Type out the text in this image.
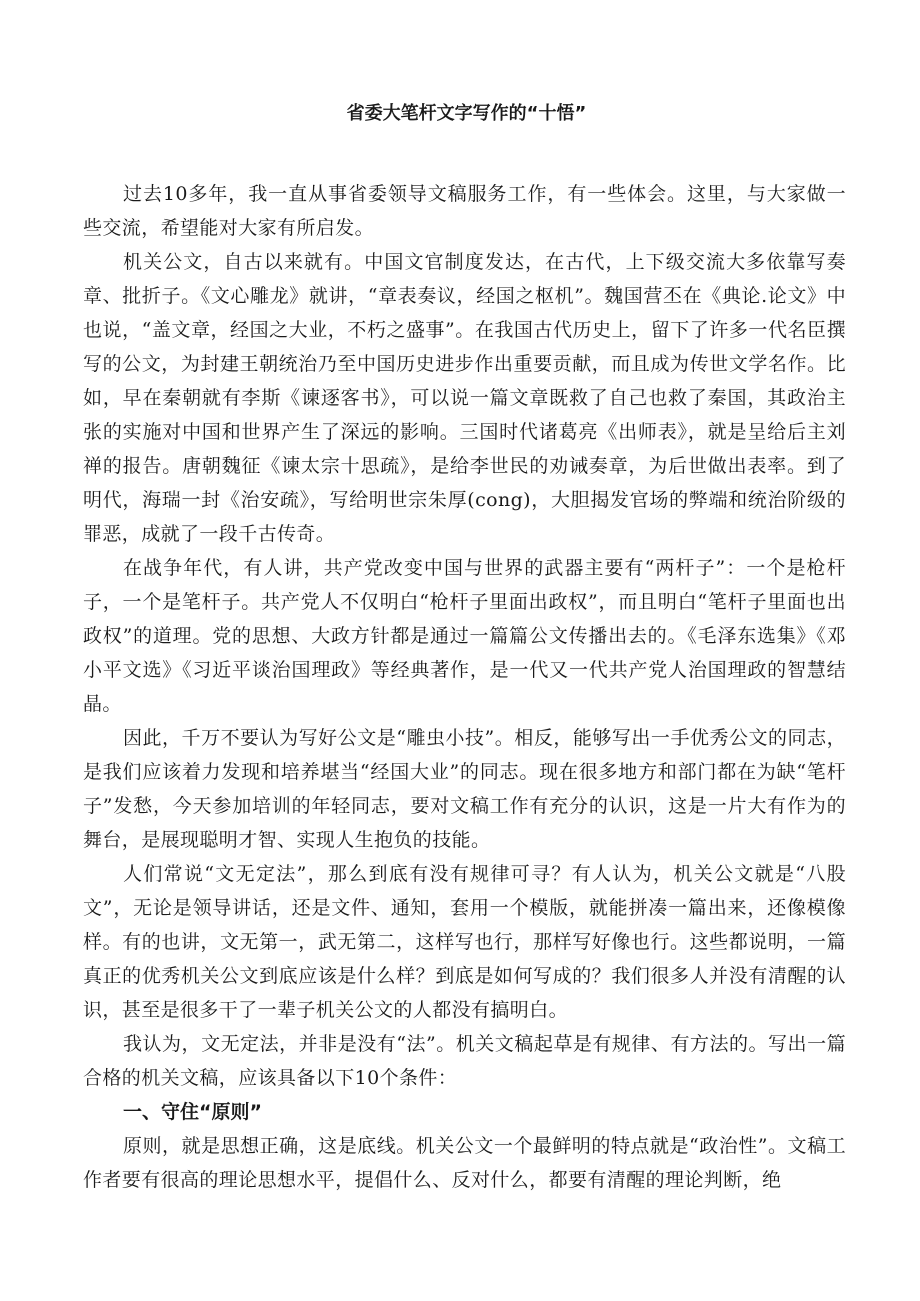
省委大笔杆文字写作的“十悟”

过去10多年，我一直从事省委领导文稿服务工作，有一些体会。这里，与大家做一些交流，希望能对大家有所启发。

机关公文，自古以来就有。中国文官制度发达，在古代，上下级交流大多依靠写奏章、批折子。《文心雕龙》就讲，“章表奏议，经国之枢机”。魏国营丕在《典论.论文》中也说，“盖文章，经国之大业，不朽之盛事”。在我国古代历史上，留下了许多一代名臣撰写的公文，为封建王朝统治乃至中国历史进步作出重要贡献，而且成为传世文学名作。比如，早在秦朝就有李斯《谏逐客书》，可以说一篇文章既救了自己也救了秦国，其政治主张的实施对中国和世界产生了深远的影响。三国时代诸葛亮《出师表》，就是呈给后主刘禅的报告。唐朝魏征《谏太宗十思疏》，是给李世民的劝诫奏章，为后世做出表率。到了明代，海瑞一封《治安疏》，写给明世宗朱厚(cong)，大胆揭发官场的弊端和统治阶级的罪恶，成就了一段千古传奇。

在战争年代，有人讲，共产党改变中国与世界的武器主要有“两杆子”：一个是枪杆子，一个是笔杆子。共产党人不仅明白“枪杆子里面出政权”，而且明白“笔杆子里面也出政权”的道理。党的思想、大政方针都是通过一篇篇公文传播出去的。《毛泽东选集》《邓小平文选》《习近平谈治国理政》等经典著作，是一代又一代共产党人治国理政的智慧结晶。

因此，千万不要认为写好公文是“雕虫小技”。相反，能够写出一手优秀公文的同志，是我们应该着力发现和培养堪当“经国大业”的同志。现在很多地方和部门都在为缺“笔杆子”发愁，今天参加培训的年轻同志，要对文稿工作有充分的认识，这是一片大有作为的舞台，是展现聪明才智、实现人生抱负的技能。

人们常说“文无定法”，那么到底有没有规律可寻？有人认为，机关公文就是“八股文”，无论是领导讲话，还是文件、通知，套用一个模版，就能拼凑一篇出来，还像模像样。有的也讲，文无第一，武无第二，这样写也行，那样写好像也行。这些都说明，一篇真正的优秀机关公文到底应该是什么样？到底是如何写成的？我们很多人并没有清醒的认识，甚至是很多干了一辈子机关公文的人都没有搞明白。

我认为，文无定法，并非是没有“法”。机关文稿起草是有规律、有方法的。写出一篇合格的机关文稿，应该具备以下10个条件：

一、守住“原则”

原则，就是思想正确，这是底线。机关公文一个最鲜明的特点就是“政治性”。文稿工作者要有很高的理论思想水平，提倡什么、反对什么，都要有清醒的理论判断，绝
